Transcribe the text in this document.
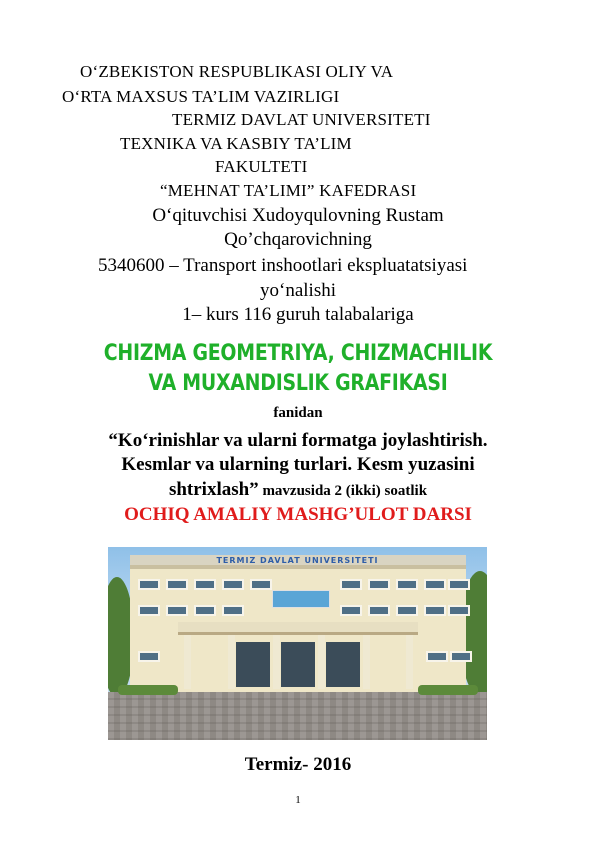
O‘ZBEKISTON RESPUBLIKASI OLIY VA
O‘RTA MAXSUS TA’LIM VAZIRLIGI
TERMIZ DAVLAT UNIVERSITETI
TEXNIKA VA KASBIY TA’LIM
FAKULTETI
“MEHNAT TA’LIMI” KAFEDRASI
O‘qituvchisi Xudoyqulovning Rustam
Qo’chqarovichning
5340600 – Transport inshootlari ekspluatatsiyasi
yo‘nalishi
1– kurs 116 guruh talabalariga
CHIZMA GEOMETRIYA, CHIZMACHILIK
VA MUXANDISLIK GRAFIKASI
fanidan
“Ko‘rinishlar va ularni formatga joylashtirish.
Kesmlar va ularning turlari. Kesm yuzasini
shtrixlash” mavzusida 2 (ikki) soatlik
OCHIQ AMALIY MASHG’ULOT DARSI
TERMIZ DAVLAT UNIVERSITETI
Termiz- 2016
1
